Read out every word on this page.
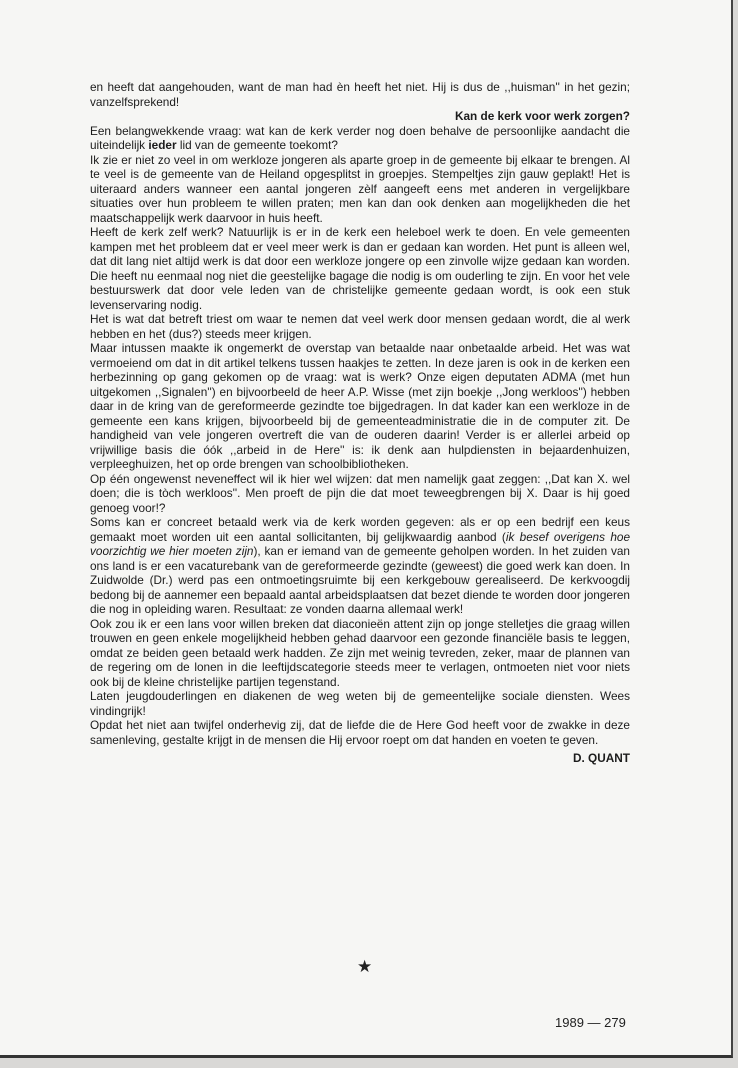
en heeft dat aangehouden, want de man had èn heeft het niet. Hij is dus de ,,huisman'' in het gezin; vanzelfsprekend!

Kan de kerk voor werk zorgen?

Een belangwekkende vraag: wat kan de kerk verder nog doen behalve de persoonlijke aandacht die uiteindelijk ieder lid van de gemeente toekomt?

Ik zie er niet zo veel in om werkloze jongeren als aparte groep in de gemeente bij elkaar te brengen. Al te veel is de gemeente van de Heiland opgesplitst in groepjes. Stempeltjes zijn gauw geplakt! Het is uiteraard anders wanneer een aantal jongeren zèlf aangeeft eens met anderen in vergelijkbare situaties over hun probleem te willen praten; men kan dan ook denken aan mogelijkheden die het maatschappelijk werk daarvoor in huis heeft.

Heeft de kerk zelf werk? Natuurlijk is er in de kerk een heleboel werk te doen. En vele gemeenten kampen met het probleem dat er veel meer werk is dan er gedaan kan worden. Het punt is alleen wel, dat dit lang niet altijd werk is dat door een werkloze jongere op een zinvolle wijze gedaan kan worden. Die heeft nu eenmaal nog niet die geestelijke bagage die nodig is om ouderling te zijn. En voor het vele bestuurswerk dat door vele leden van de christelijke gemeente gedaan wordt, is ook een stuk levenservaring nodig.

Het is wat dat betreft triest om waar te nemen dat veel werk door mensen gedaan wordt, die al werk hebben en het (dus?) steeds meer krijgen.

Maar intussen maakte ik ongemerkt de overstap van betaalde naar onbetaalde arbeid. Het was wat vermoeiend om dat in dit artikel telkens tussen haakjes te zetten. In deze jaren is ook in de kerken een herbezinning op gang gekomen op de vraag: wat is werk? Onze eigen deputaten ADMA (met hun uitgekomen ,,Signalen'') en bijvoorbeeld de heer A.P. Wisse (met zijn boekje ,,Jong werkloos'') hebben daar in de kring van de gereformeerde gezindte toe bijgedragen. In dat kader kan een werkloze in de gemeente een kans krijgen, bijvoorbeeld bij de gemeenteadministratie die in de computer zit. De handigheid van vele jongeren overtreft die van de ouderen daarin! Verder is er allerlei arbeid op vrijwillige basis die óók ,,arbeid in de Here'' is: ik denk aan hulpdiensten in bejaardenhuizen, verpleeghuizen, het op orde brengen van schoolbibliotheken.

Op één ongewenst neveneffect wil ik hier wel wijzen: dat men namelijk gaat zeggen: ,,Dat kan X. wel doen; die is tòch werkloos''. Men proeft de pijn die dat moet teweegbrengen bij X. Daar is hij goed genoeg voor!?

Soms kan er concreet betaald werk via de kerk worden gegeven: als er op een bedrijf een keus gemaakt moet worden uit een aantal sollicitanten, bij gelijkwaardig aanbod (ik besef overigens hoe voorzichtig we hier moeten zijn), kan er iemand van de gemeente geholpen worden. In het zuiden van ons land is er een vacaturebank van de gereformeerde gezindte (geweest) die goed werk kan doen. In Zuidwolde (Dr.) werd pas een ontmoetingsruimte bij een kerkgebouw gerealiseerd. De kerkvoogdij bedong bij de aannemer een bepaald aantal arbeidsplaatsen dat bezet diende te worden door jongeren die nog in opleiding waren. Resultaat: ze vonden daarna allemaal werk!

Ook zou ik er een lans voor willen breken dat diaconieën attent zijn op jonge stelletjes die graag willen trouwen en geen enkele mogelijkheid hebben gehad daarvoor een gezonde financiële basis te leggen, omdat ze beiden geen betaald werk hadden. Ze zijn met weinig tevreden, zeker, maar de plannen van de regering om de lonen in die leeftijdscategorie steeds meer te verlagen, ontmoeten niet voor niets ook bij de kleine christelijke partijen tegenstand.

Laten jeugdouderlingen en diakenen de weg weten bij de gemeentelijke sociale diensten. Wees vindingrijk!

Opdat het niet aan twijfel onderhevig zij, dat de liefde die de Here God heeft voor de zwakke in deze samenleving, gestalte krijgt in de mensen die Hij ervoor roept om dat handen en voeten te geven.

D. QUANT

★
1989 — 279
